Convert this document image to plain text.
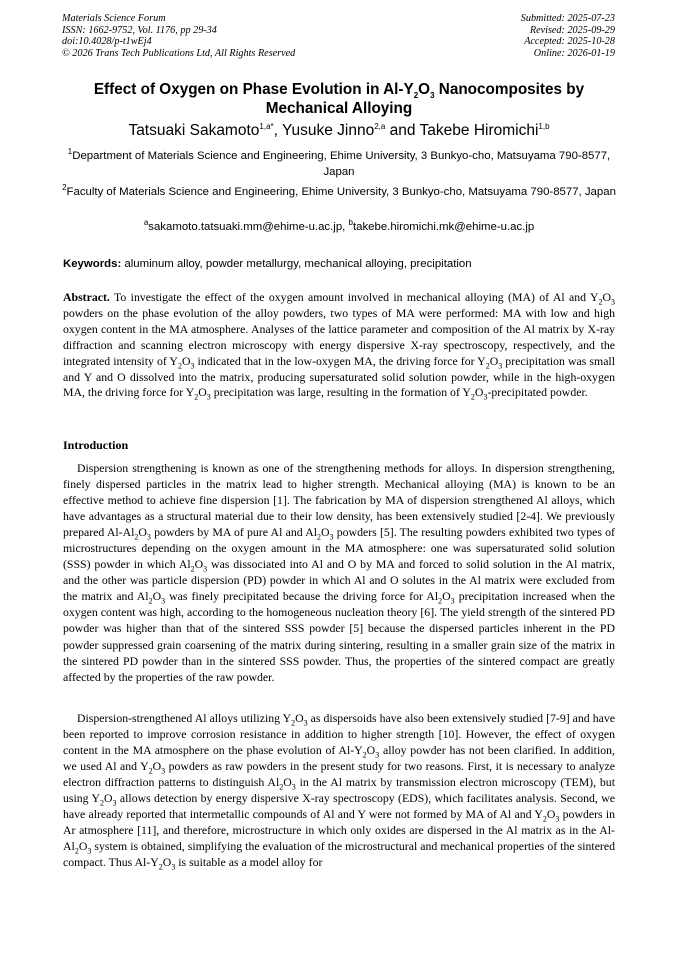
Materials Science Forum
ISSN: 1662-9752, Vol. 1176, pp 29-34
doi:10.4028/p-t1wEj4
© 2026 Trans Tech Publications Ltd, All Rights Reserved
Submitted: 2025-07-23
Revised: 2025-09-29
Accepted: 2025-10-28
Online: 2026-01-19
Effect of Oxygen on Phase Evolution in $Al-Y_2O_3$ Nanocomposites by
Mechanical Alloying
Tatsuaki Sakamoto$^{1,a*}$, Yusuke Jinno$^{2,a}$ and Takebe Hiromichi$^{1,b}$
$^1$Department of Materials Science and Engineering, Ehime University, 3 Bunkyo-cho, Matsuyama 790-8577, Japan
$^2$Faculty of Materials Science and Engineering, Ehime University, 3 Bunkyo-cho, Matsuyama 790-8577, Japan
$^a$sakamoto.tatsuaki.mm@ehime-u.ac.jp, $^b$takebe.hiromichi.mk@ehime-u.ac.jp
Keywords: aluminum alloy, powder metallurgy, mechanical alloying, precipitation

Abstract. To investigate the effect of the oxygen amount involved in mechanical alloying (MA) of Al and $Y_2O_3$ powders on the phase evolution of the alloy powders, two types of MA were performed: MA with low and high oxygen content in the MA atmosphere. Analyses of the lattice parameter and composition of the Al matrix by X-ray diffraction and scanning electron microscopy with energy dispersive X-ray spectroscopy, respectively, and the integrated intensity of $Y_2O_3$ indicated that in the low-oxygen MA, the driving force for $Y_2O_3$ precipitation was small and Y and O dissolved into the matrix, producing supersaturated solid solution powder, while in the high-oxygen MA, the driving force for $Y_2O_3$ precipitation was large, resulting in the formation of $Y_2O_3$-precipitated powder.

Introduction

Dispersion strengthening is known as one of the strengthening methods for alloys. In dispersion strengthening, finely dispersed particles in the matrix lead to higher strength. Mechanical alloying (MA) is known to be an effective method to achieve fine dispersion [1]. The fabrication by MA of dispersion strengthened Al alloys, which have advantages as a structural material due to their low density, has been extensively studied [2-4]. We previously prepared $Al-Al_2O_3$ powders by MA of pure Al and $Al_2O_3$ powders [5]. The resulting powders exhibited two types of microstructures depending on the oxygen amount in the MA atmosphere: one was supersaturated solid solution (SSS) powder in which $Al_2O_3$ was dissociated into Al and O by MA and forced to solid solution in the Al matrix, and the other was particle dispersion (PD) powder in which Al and O solutes in the Al matrix were excluded from the matrix and $Al_2O_3$ was finely precipitated because the driving force for $Al_2O_3$ precipitation increased when the oxygen content was high, according to the homogeneous nucleation theory [6]. The yield strength of the sintered PD powder was higher than that of the sintered SSS powder [5] because the dispersed particles inherent in the PD powder suppressed grain coarsening of the matrix during sintering, resulting in a smaller grain size of the matrix in the sintered PD powder than in the sintered SSS powder. Thus, the properties of the sintered compact are greatly affected by the properties of the raw powder.

Dispersion-strengthened Al alloys utilizing $Y_2O_3$ as dispersoids have also been extensively studied [7-9] and have been reported to improve corrosion resistance in addition to higher strength [10]. However, the effect of oxygen content in the MA atmosphere on the phase evolution of $Al-Y_2O_3$ alloy powder has not been clarified. In addition, we used Al and $Y_2O_3$ powders as raw powders in the present study for two reasons. First, it is necessary to analyze electron diffraction patterns to distinguish $Al_2O_3$ in the Al matrix by transmission electron microscopy (TEM), but using $Y_2O_3$ allows detection by energy dispersive X-ray spectroscopy (EDS), which facilitates analysis. Second, we have already reported that intermetallic compounds of Al and Y were not formed by MA of Al and $Y_2O_3$ powders in Ar atmosphere [11], and therefore, microstructure in which only oxides are dispersed in the Al matrix as in the $Al-Al_2O_3$ system is obtained, simplifying the evaluation of the microstructural and mechanical properties of the sintered compact. Thus $Al-Y_2O_3$ is suitable as a model alloy for
